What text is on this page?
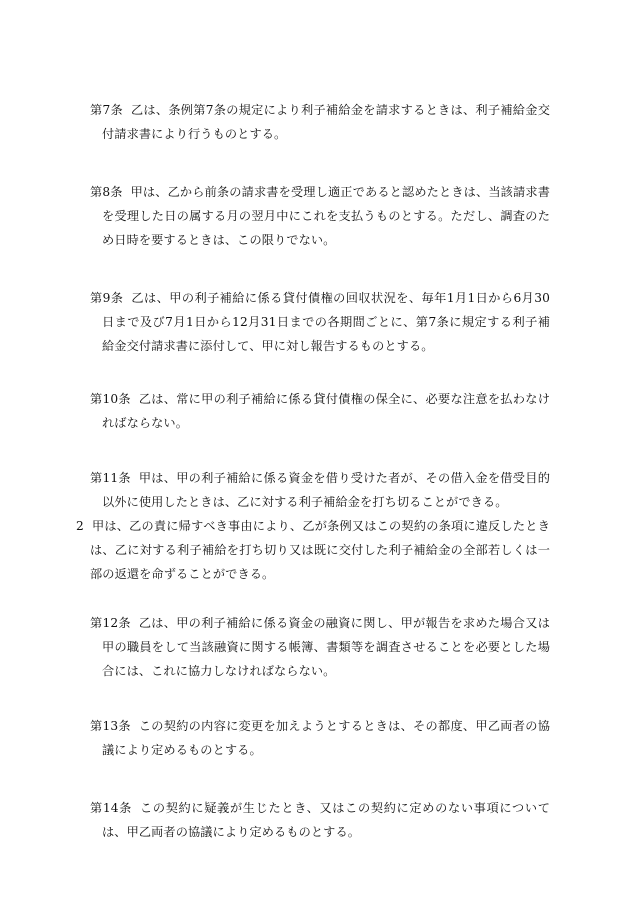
第7条 乙は、条例第7条の規定により利子補給金を請求するときは、利子補給金交付請求書により行うものとする。

第8条 甲は、乙から前条の請求書を受理し適正であると認めたときは、当該請求書を受理した日の属する月の翌月中にこれを支払うものとする。ただし、調査のため日時を要するときは、この限りでない。

第9条 乙は、甲の利子補給に係る貸付債権の回収状況を、毎年1月1日から6月30日まで及び7月1日から12月31日までの各期間ごとに、第7条に規定する利子補給金交付請求書に添付して、甲に対し報告するものとする。

第10条 乙は、常に甲の利子補給に係る貸付債権の保全に、必要な注意を払わなければならない。

第11条 甲は、甲の利子補給に係る資金を借り受けた者が、その借入金を借受目的以外に使用したときは、乙に対する利子補給金を打ち切ることができる。

2 甲は、乙の責に帰すべき事由により、乙が条例又はこの契約の条項に違反したときは、乙に対する利子補給を打ち切り又は既に交付した利子補給金の全部若しくは一部の返還を命ずることができる。

第12条 乙は、甲の利子補給に係る資金の融資に関し、甲が報告を求めた場合又は甲の職員をして当該融資に関する帳簿、書類等を調査させることを必要とした場合には、これに協力しなければならない。

第13条 この契約の内容に変更を加えようとするときは、その都度、甲乙両者の協議により定めるものとする。

第14条 この契約に疑義が生じたとき、又はこの契約に定めのない事項については、甲乙両者の協議により定めるものとする。
